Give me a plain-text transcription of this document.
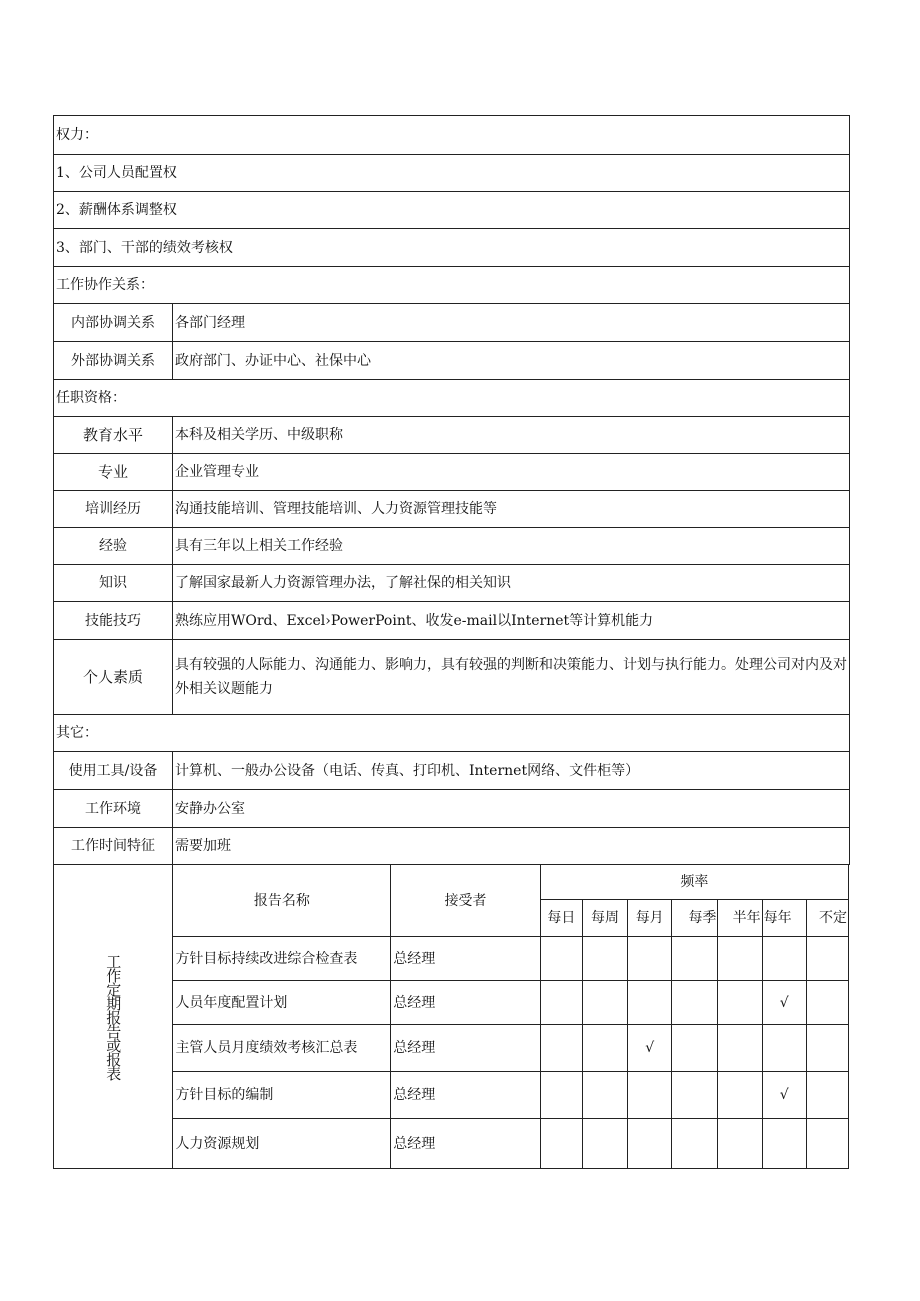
权力：	
1、公司人员配置权	
2、薪酬体系调整权	
3、部门、干部的绩效考核权	
工作协作关系：	
内部协调关系	各部门经理
外部协调关系	政府部门、办证中心、社保中心
任职资格：	
教育水平	本科及相关学历、中级职称
专业	企业管理专业
培训经历	沟通技能培训、管理技能培训、人力资源管理技能等
经验	具有三年以上相关工作经验
知识	了解国家最新人力资源管理办法，了解社保的相关知识
技能技巧	熟练应用WOrd、Excel›PowerPoint、收发e-mail以Internet等计算机能力
个人素质	具有较强的人际能力、沟通能力、影响力，具有较强的判断和决策能力、计划与执行能力。处理公司对内及对外相关议题能力
其它：	
使用工具/设备	计算机、一般办公设备（电话、传真、打印机、Internet网络、文件柜等）
工作环境	安静办公室
工作时间特征	需要加班
工作定期报告或报表	报告名称	接受者	频率						
			每日	每周	每月	每季	半年	每年	不定
	方针目标持续改进综合检查表	总经理							
	人员年度配置计划	总经理						√	
	主管人员月度绩效考核汇总表	总经理			√				
	方针目标的编制	总经理						√	
	人力资源规划	总经理							
